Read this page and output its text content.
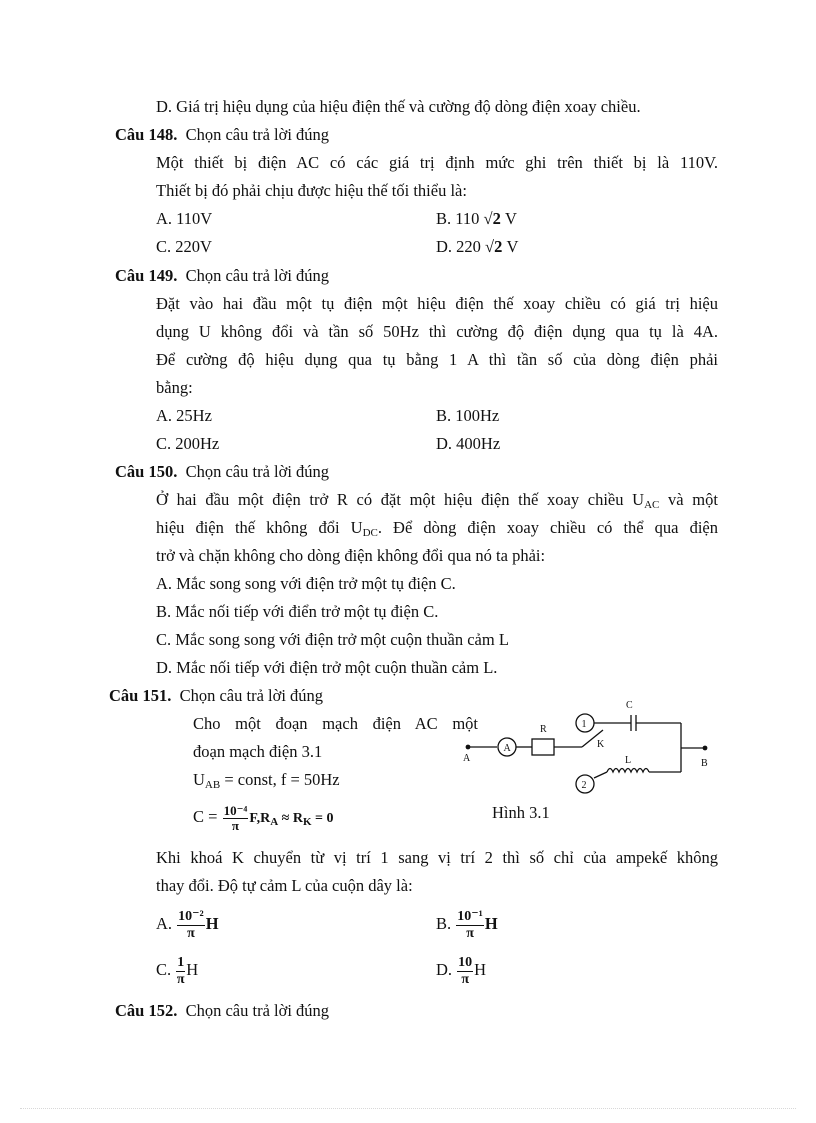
D. Giá trị hiệu dụng của hiệu điện thế và cường độ dòng điện xoay chiều.
Câu 148. Chọn câu trả lời đúng
Một thiết bị điện AC có các giá trị định mức ghi trên thiết bị là 110V.
Thiết bị đó phải chịu được hiệu thế tối thiểu là:
A. 110V	B. 110 √2 V
C. 220V	D. 220 √2 V
Câu 149. Chọn câu trả lời đúng
Đặt vào hai đầu một tụ điện một hiệu điện thế xoay chiều có giá trị hiệu
dụng U không đổi và tần số 50Hz thì cường độ điện dụng qua tụ là 4A.
Để cường độ hiệu dụng qua tụ bằng 1 A thì tần số của dòng điện phải
bằng:
A. 25Hz	B. 100Hz
C. 200Hz	D. 400Hz
Câu 150. Chọn câu trả lời đúng
Ở hai đầu một điện trở R có đặt một hiệu điện thế xoay chiều $U_{AC}$ và một
hiệu điện thế không đổi $U_{DC}$. Để dòng điện xoay chiều có thể qua điện
trở và chặn không cho dòng điện không đổi qua nó ta phải:
A. Mắc song song với điện trở một tụ điện C.
B. Mắc nối tiếp với điển trở một tụ điện C.
C. Mắc song song với điện trở một cuộn thuần cảm L
D. Mắc nối tiếp với điện trở một cuộn thuần cảm L.
Câu 151. Chọn câu trả lời đúng
Cho một đoạn mạch điện AC một
đoạn mạch điện 3.1
$U_{AB}$ = const, f = 50Hz
$C = \frac{\text{10⁻⁴}}{\pi} F,R_A \approx R_K = 0$
A
A
R
C
K
1
2
L	B
Hình 3.1
Khi khoá K chuyển từ vị trí 1 sang vị trí 2 thì số chỉ của ampekế không
thay đổi. Độ tự cảm L của cuộn dây là:
A. $\frac{\text{10⁻²}}{\pi}$ H	B. $\frac{\text{10⁻¹}}{\pi}$ H
C. $\frac{1}{\pi}$ H	D. $\frac{10}{\pi}$ H
Câu 152. Chọn câu trả lời đúng
